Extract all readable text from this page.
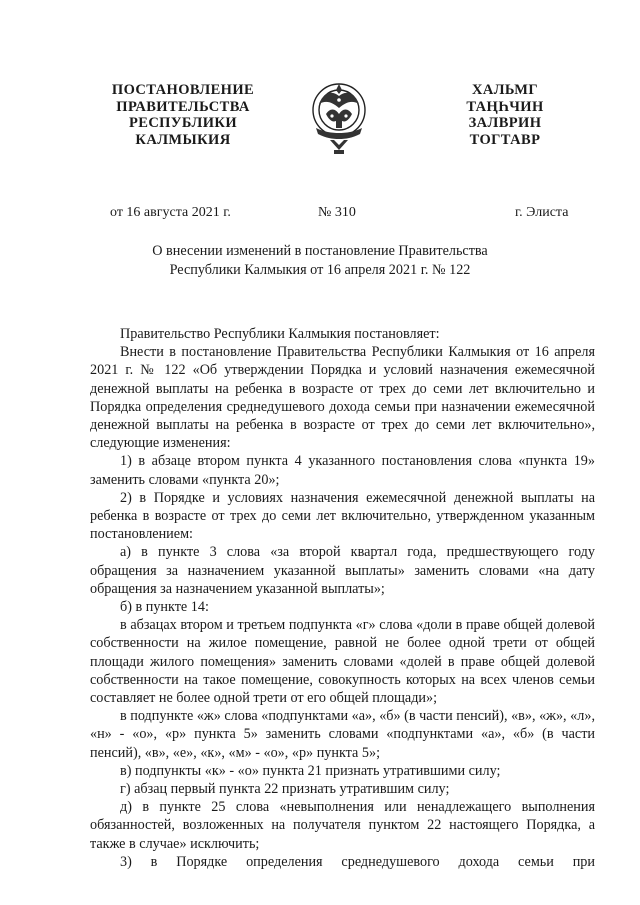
ПОСТАНОВЛЕНИЕ
ПРАВИТЕЛЬСТВА
РЕСПУБЛИКИ
КАЛМЫКИЯ
ХАЛЬМГ
ТАҢҺЧИН
ЗАЛВРИН
ТОГТАВР
от 16 августа 2021 г.	№ 310	г. Элиста
О внесении изменений в постановление Правительства
Республики Калмыкия от 16 апреля 2021 г. № 122

Правительство Республики Калмыкия постановляет:

Внести в постановление Правительства Республики Калмыкия от 16 апреля 2021 г. № 122 «Об утверждении Порядка и условий назначения ежемесячной денежной выплаты на ребенка в возрасте от трех до семи лет включительно и Порядка определения среднедушевого дохода семьи при назначении ежемесячной денежной выплаты на ребенка в возрасте от трех до семи лет включительно», следующие изменения:

1) в абзаце втором пункта 4 указанного постановления слова «пункта 19» заменить словами «пункта 20»;

2) в Порядке и условиях назначения ежемесячной денежной выплаты на ребенка в возрасте от трех до семи лет включительно, утвержденном указанным постановлением:

а) в пункте 3 слова «за второй квартал года, предшествующего году обращения за назначением указанной выплаты» заменить словами «на дату обращения за назначением указанной выплаты»;

б) в пункте 14:

в абзацах втором и третьем подпункта «г» слова «доли в праве общей долевой собственности на жилое помещение, равной не более одной трети от общей площади жилого помещения» заменить словами «долей в праве общей долевой собственности на такое помещение, совокупность которых на всех членов семьи составляет не более одной трети от его общей площади»;

в подпункте «ж» слова «подпунктами «а», «б» (в части пенсий), «в», «ж», «л», «н» - «о», «р» пункта 5» заменить словами «подпунктами «а», «б» (в части пенсий), «в», «е», «к», «м» - «о», «р» пункта 5»;

в) подпункты «к» - «о» пункта 21 признать утратившими силу;

г) абзац первый пункта 22 признать утратившим силу;

д) в пункте 25 слова «невыполнения или ненадлежащего выполнения обязанностей, возложенных на получателя пунктом 22 настоящего Порядка, а также в случае» исключить;

3) в Порядке определения среднедушевого дохода семьи при
